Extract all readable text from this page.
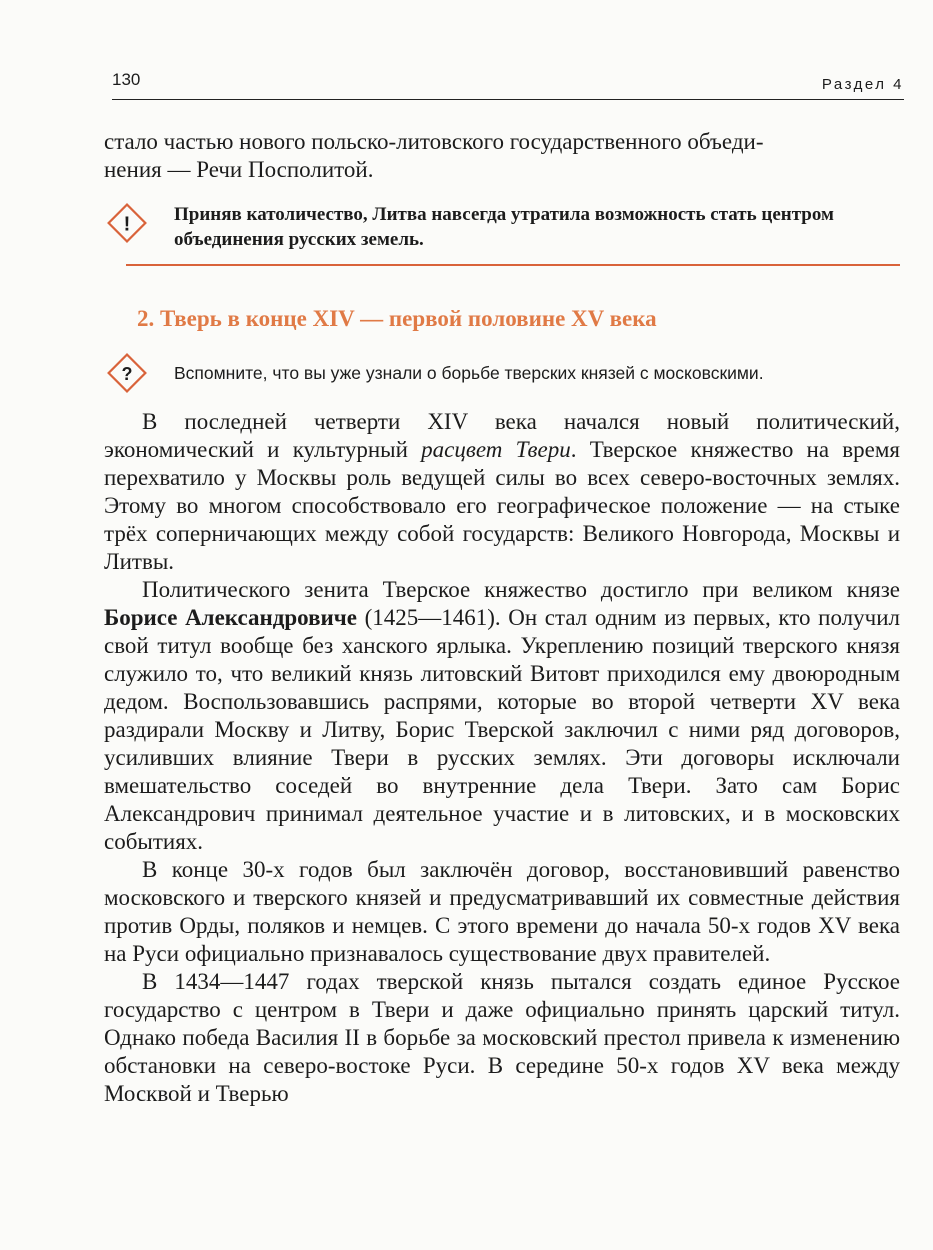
130	Раздел 4
стало частью нового польско-литовского государственного объеди-
нения — Речи Посполитой.
! Приняв католичество, Литва навсегда утратила возможность стать центром объединения русских земель.
2. Тверь в конце XIV — первой половине XV века
? Вспомните, что вы уже узнали о борьбе тверских князей с московскими.

В последней четверти XIV века начался новый политический, экономический и культурный расцвет Твери. Тверское княжество на время перехватило у Москвы роль ведущей силы во всех северо-восточных землях. Этому во многом способствовало его географическое положение — на стыке трёх соперничающих между собой государств: Великого Новгорода, Москвы и Литвы.

Политического зенита Тверское княжество достигло при великом князе Борисе Александровиче (1425—1461). Он стал одним из первых, кто получил свой титул вообще без ханского ярлыка. Укреплению позиций тверского князя служило то, что великий князь литовский Витовт приходился ему двоюродным дедом. Воспользовавшись распрями, которые во второй четверти XV века раздирали Москву и Литву, Борис Тверской заключил с ними ряд договоров, усиливших влияние Твери в русских землях. Эти договоры исключали вмешательство соседей во внутренние дела Твери. Зато сам Борис Александрович принимал деятельное участие и в литовских, и в московских событиях.

В конце 30-х годов был заключён договор, восстановивший равенство московского и тверского князей и предусматривавший их совместные действия против Орды, поляков и немцев. С этого времени до начала 50-х годов XV века на Руси официально признавалось существование двух правителей.

В 1434—1447 годах тверской князь пытался создать единое Русское государство с центром в Твери и даже официально принять царский титул. Однако победа Василия II в борьбе за московский престол привела к изменению обстановки на северо-востоке Руси. В середине 50-х годов XV века между Москвой и Тверью
